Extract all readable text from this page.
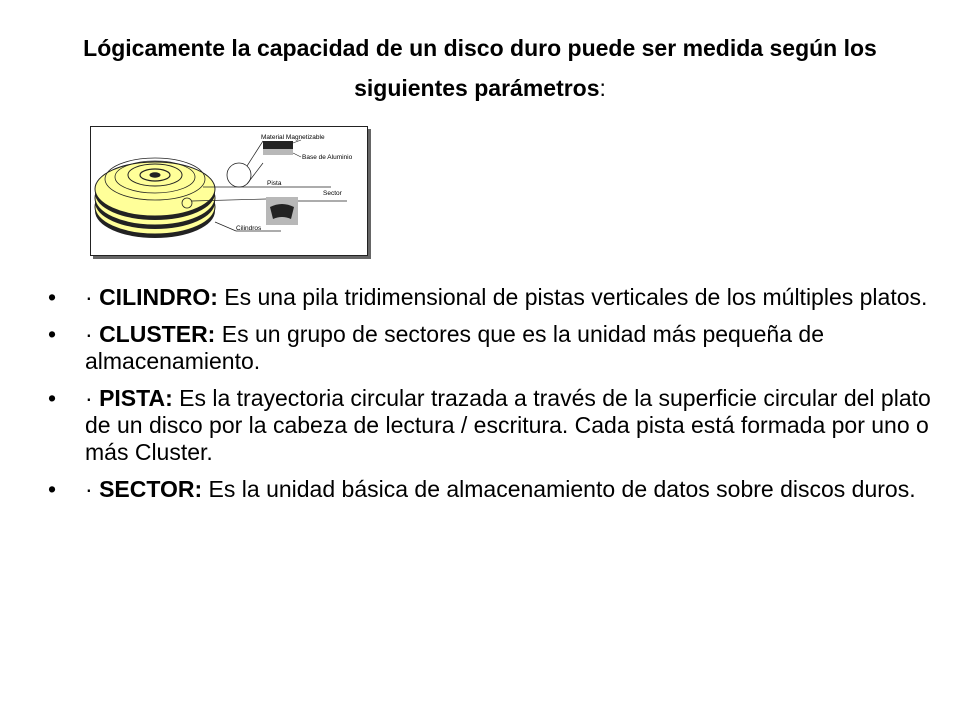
Lógicamente la capacidad de un disco duro puede ser medida según los siguientes parámetros:
Material Magnetizable
Base de Aluminio
Pista
Sector
Cilindros
• · CILINDRO: Es una pila tridimensional de pistas verticales de los múltiples platos.
• · CLUSTER: Es un grupo de sectores que es la unidad más pequeña de almacenamiento.
• · PISTA: Es la trayectoria circular trazada a través de la superficie circular del plato de un disco por la cabeza de lectura / escritura. Cada pista está formada por uno o más Cluster.
• · SECTOR: Es la unidad básica de almacenamiento de datos sobre discos duros.
